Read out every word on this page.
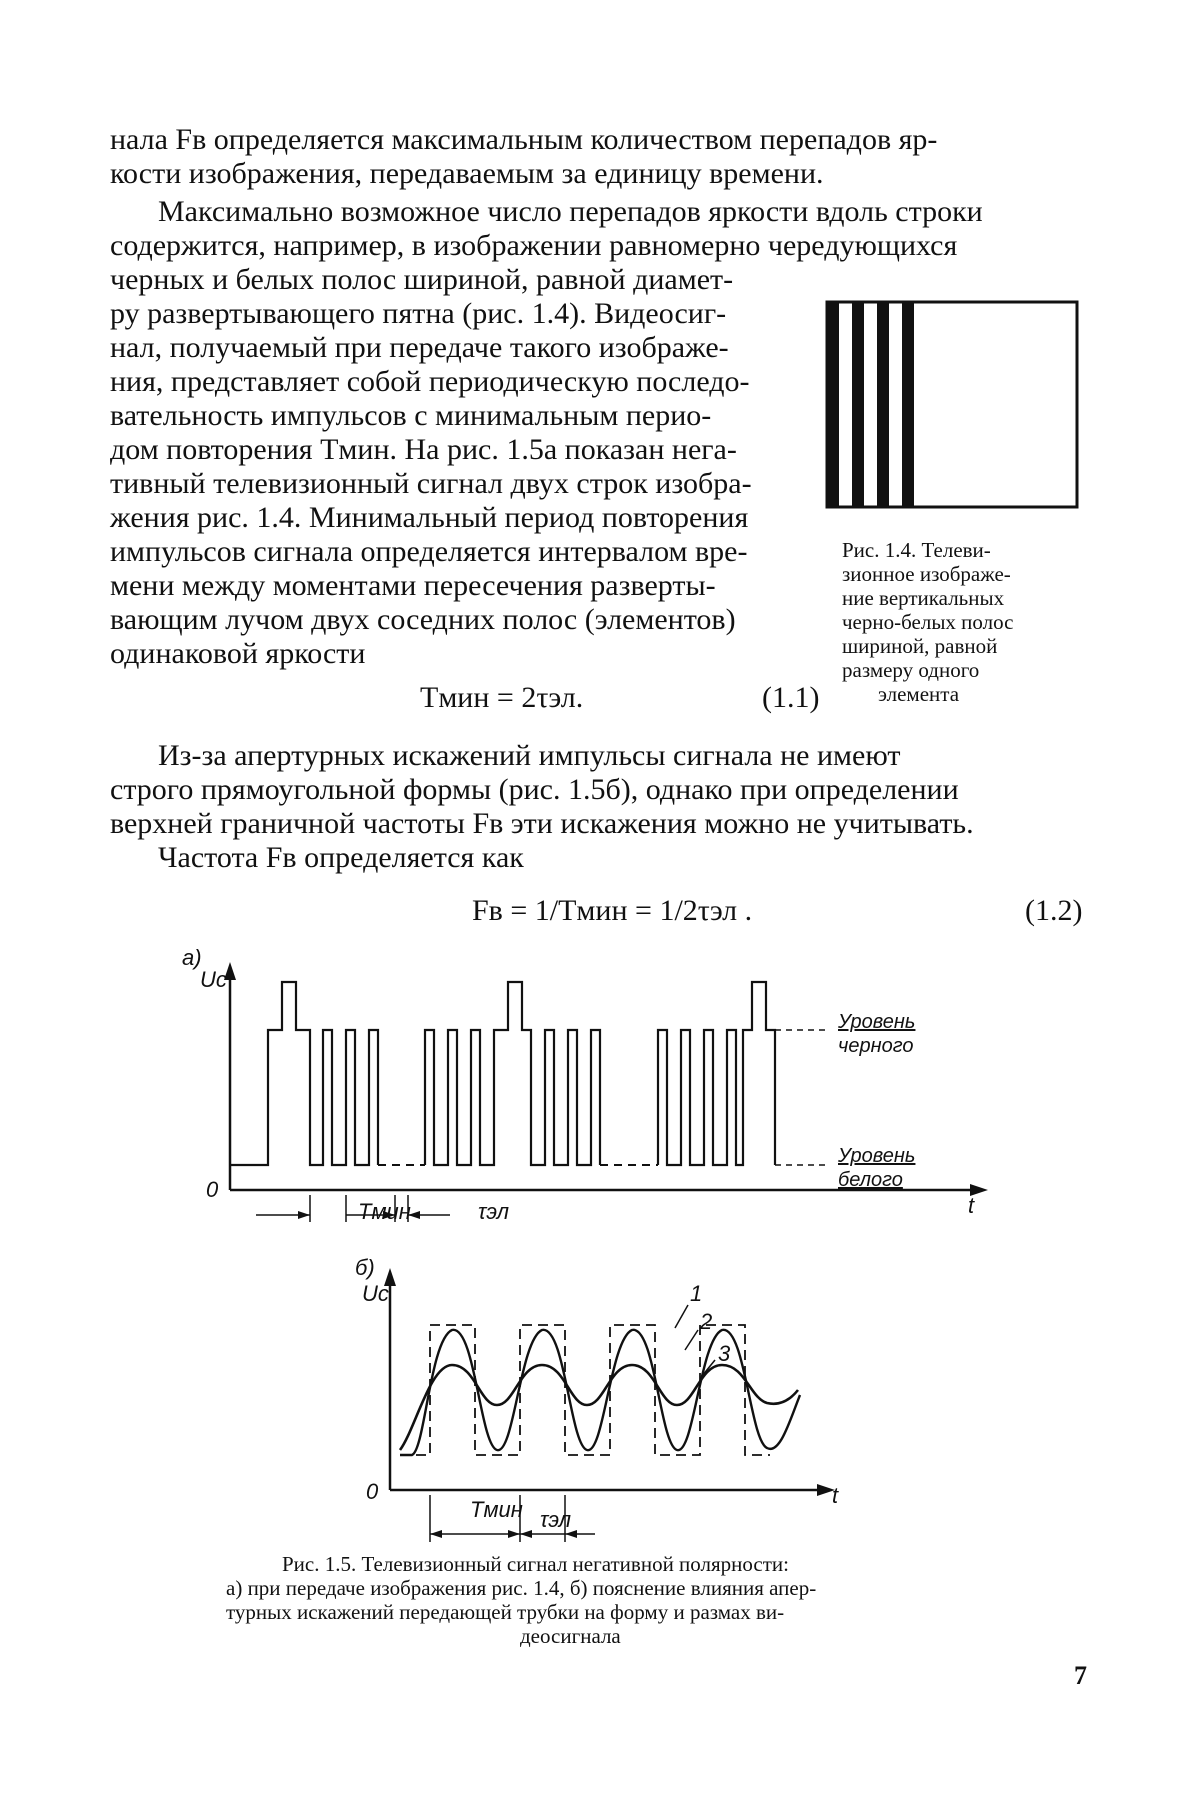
нала Fв определяется максимальным количеством перепадов яр-
кости изображения, передаваемым за единицу времени.
Максимально возможное число перепадов яркости вдоль строки
содержится, например, в изображении равномерно чередующихся
черных и белых полос шириной, равной диамет-
ру развертывающего пятна (рис. 1.4). Видеосиг-
нал, получаемый при передаче такого изображе-
ния, представляет собой периодическую последо-
вательность импульсов с минимальным перио-
дом повторения Tмин. На рис. 1.5а показан нега-
тивный телевизионный сигнал двух строк изобра-
жения рис. 1.4. Минимальный период повторения
импульсов сигнала определяется интервалом вре-
мени между моментами пересечения разверты-
вающим лучом двух соседних полос (элементов)
одинаковой яркости
Tмин = 2τэл.	(1.1)
Из-за апертурных искажений импульсы сигнала не имеют
строго прямоугольной формы (рис. 1.5б), однако при определении
верхней граничной частоты Fв эти искажения можно не учитывать.
Частота Fв определяется как
Fв = 1/Tмин = 1/2τэл .	(1.2)
Рис. 1.4. Телеви-
зионное изображе-
ние вертикальных
черно-белых полос
шириной, равной
размеру одного
элемента
а)
Uc
0
t
Уровень
черного
Уровень
белого
Tмин	τэл
б)
Uc
0	t
1
2
3
Tмин τэл
Рис. 1.5. Телевизионный сигнал негативной полярности:
а) при передаче изображения рис. 1.4, б) пояснение влияния апер-
турных искажений передающей трубки на форму и размах ви-
деосигнала
7
